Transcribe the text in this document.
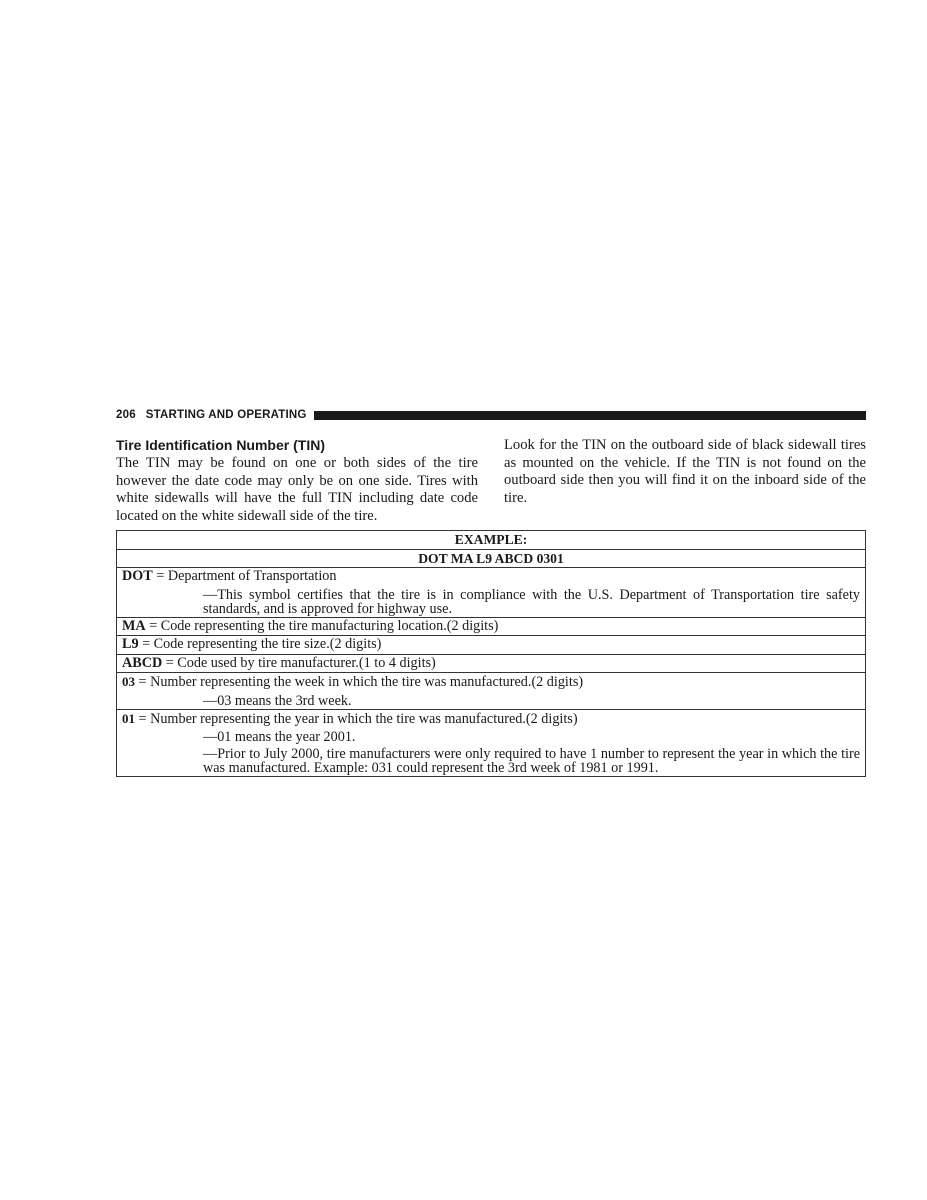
206 STARTING AND OPERATING
Tire Identification Number (TIN)

The TIN may be found on one or both sides of the tire however the date code may only be on one side. Tires with white sidewalls will have the full TIN including date code located on the white sidewall side of the tire.

Look for the TIN on the outboard side of black sidewall tires as mounted on the vehicle. If the TIN is not found on the outboard side then you will find it on the inboard side of the tire.

EXAMPLE:
DOT MA L9 ABCD 0301

DOT = Department of Transportation
—This symbol certifies that the tire is in compliance with the U.S. Department of Transportation tire safety standards, and is approved for highway use.

MA = Code representing the tire manufacturing location.(2 digits)
L9 = Code representing the tire size.(2 digits)
ABCD = Code used by tire manufacturer.(1 to 4 digits)

03 = Number representing the week in which the tire was manufactured.(2 digits)
—03 means the 3rd week.

01 = Number representing the year in which the tire was manufactured.(2 digits)
—01 means the year 2001.
—Prior to July 2000, tire manufacturers were only required to have 1 number to represent the year in which the tire was manufactured. Example: 031 could represent the 3rd week of 1981 or 1991.
